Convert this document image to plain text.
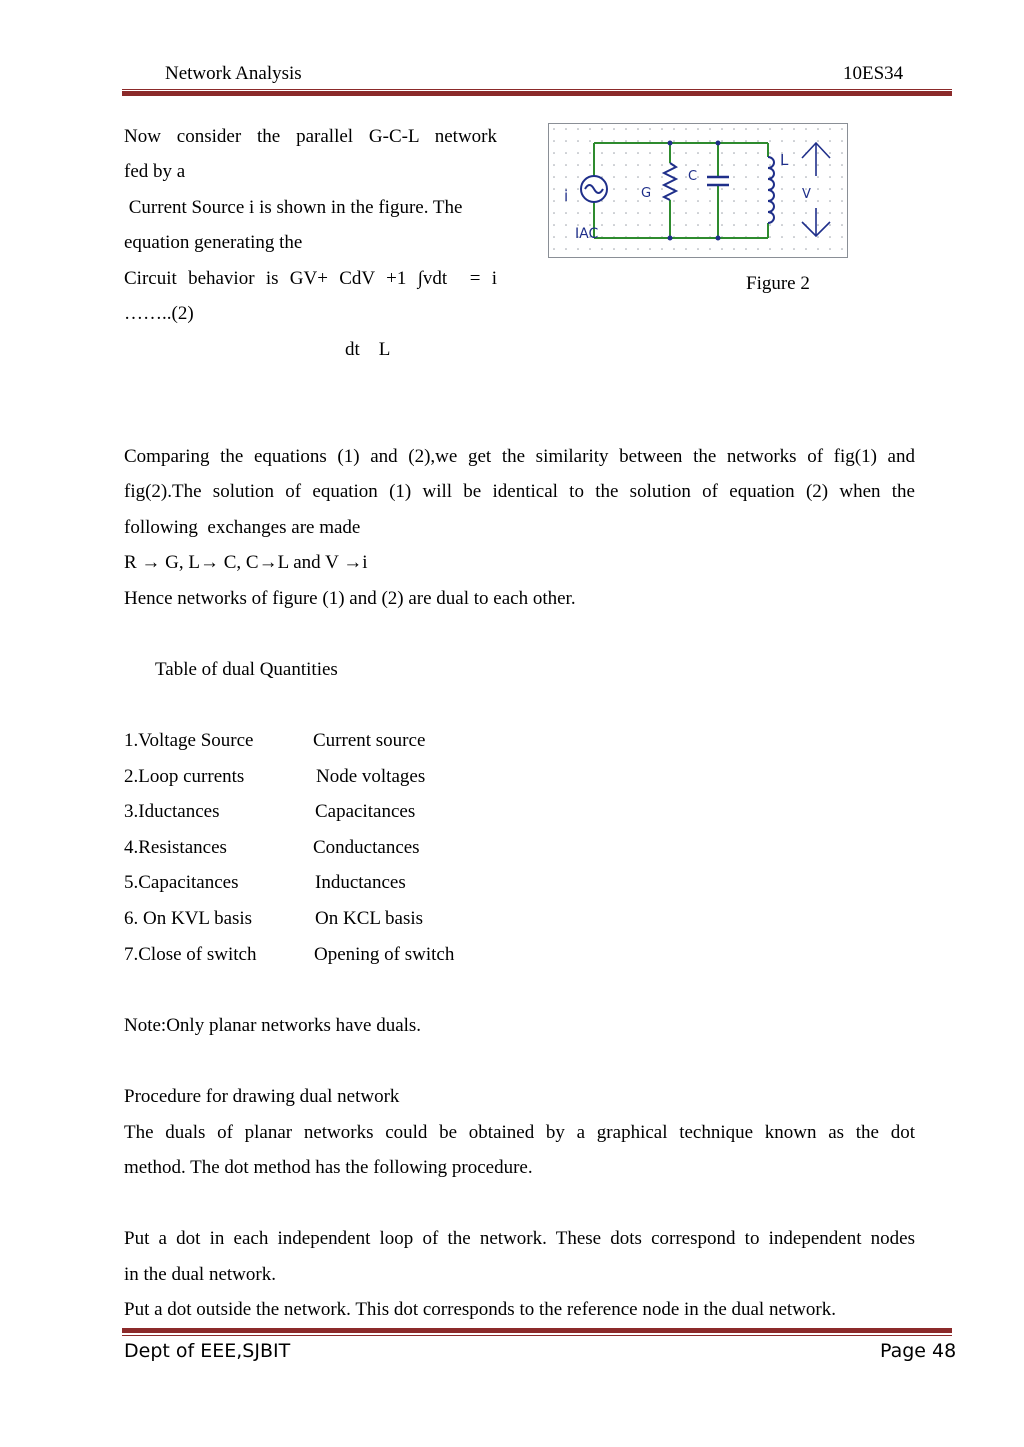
Network Analysis	10ES34
Now consider the parallel G-C-L network
fed by a
Current Source i is shown in the figure. The
equation generating the
Circuit behavior is GV+ CdV +1 ∫vdt  = i
……..(2)
dt    L
i	G
C
L
V
IAC
Figure 2
Comparing the equations (1) and (2),we get the similarity between the networks of fig(1) and
fig(2).The solution of equation (1) will be identical to the solution of equation (2) when the
following  exchanges are made
R → G, L→ C, C→L and V →i
Hence networks of figure (1) and (2) are dual to each other.
Table of dual Quantities
1.Voltage Source	Current source
2.Loop currents	Node voltages
3.Iductances	Capacitances
4.Resistances	Conductances
5.Capacitances	Inductances
6. On KVL basis	On KCL basis
7.Close of switch	Opening of switch
Note:Only planar networks have duals.
Procedure for drawing dual network
The duals of planar networks could be obtained by a graphical technique known as the dot
method. The dot method has the following procedure.
Put a dot in each independent loop of the network. These dots correspond to independent nodes
in the dual network.
Put a dot outside the network. This dot corresponds to the reference node in the dual network.
Dept of EEE,SJBIT	Page 48
